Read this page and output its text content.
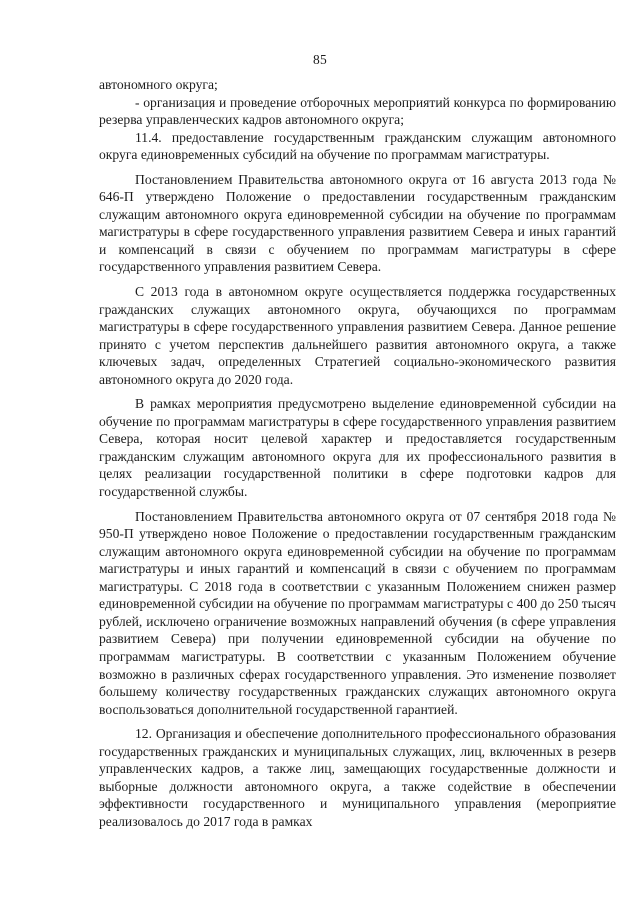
85

автономного округа;

- организация и проведение отборочных мероприятий конкурса по формированию резерва управленческих кадров автономного округа;

11.4. предоставление государственным гражданским служащим автономного округа единовременных субсидий на обучение по программам магистратуры.

Постановлением Правительства автономного округа от 16 августа 2013 года № 646-П утверждено Положение о предоставлении государственным гражданским служащим автономного округа единовременной субсидии на обучение по программам магистратуры в сфере государственного управления развитием Севера и иных гарантий и компенсаций в связи с обучением по программам магистратуры в сфере государственного управления развитием Севера.

С 2013 года в автономном округе осуществляется поддержка государственных гражданских служащих автономного округа, обучающихся по программам магистратуры в сфере государственного управления развитием Севера. Данное решение принято с учетом перспектив дальнейшего развития автономного округа, а также ключевых задач, определенных Стратегией социально-экономического развития автономного округа до 2020 года.

В рамках мероприятия предусмотрено выделение единовременной субсидии на обучение по программам магистратуры в сфере государственного управления развитием Севера, которая носит целевой характер и предоставляется государственным гражданским служащим автономного округа для их профессионального развития в целях реализации государственной политики в сфере подготовки кадров для государственной службы.

Постановлением Правительства автономного округа от 07 сентября 2018 года № 950-П утверждено новое Положение о предоставлении государственным гражданским служащим автономного округа единовременной субсидии на обучение по программам магистратуры и иных гарантий и компенсаций в связи с обучением по программам магистратуры. С 2018 года в соответствии с указанным Положением снижен размер единовременной субсидии на обучение по программам магистратуры с 400 до 250 тысяч рублей, исключено ограничение возможных направлений обучения (в сфере управления развитием Севера) при получении единовременной субсидии на обучение по программам магистратуры. В соответствии с указанным Положением обучение возможно в различных сферах государственного управления. Это изменение позволяет большему количеству государственных гражданских служащих автономного округа воспользоваться дополнительной государственной гарантией.

12. Организация и обеспечение дополнительного профессионального образования государственных гражданских и муниципальных служащих, лиц, включенных в резерв управленческих кадров, а также лиц, замещающих государственные должности и выборные должности автономного округа, а также содействие в обеспечении эффективности государственного и муниципального управления (мероприятие реализовалось до 2017 года в рамках
